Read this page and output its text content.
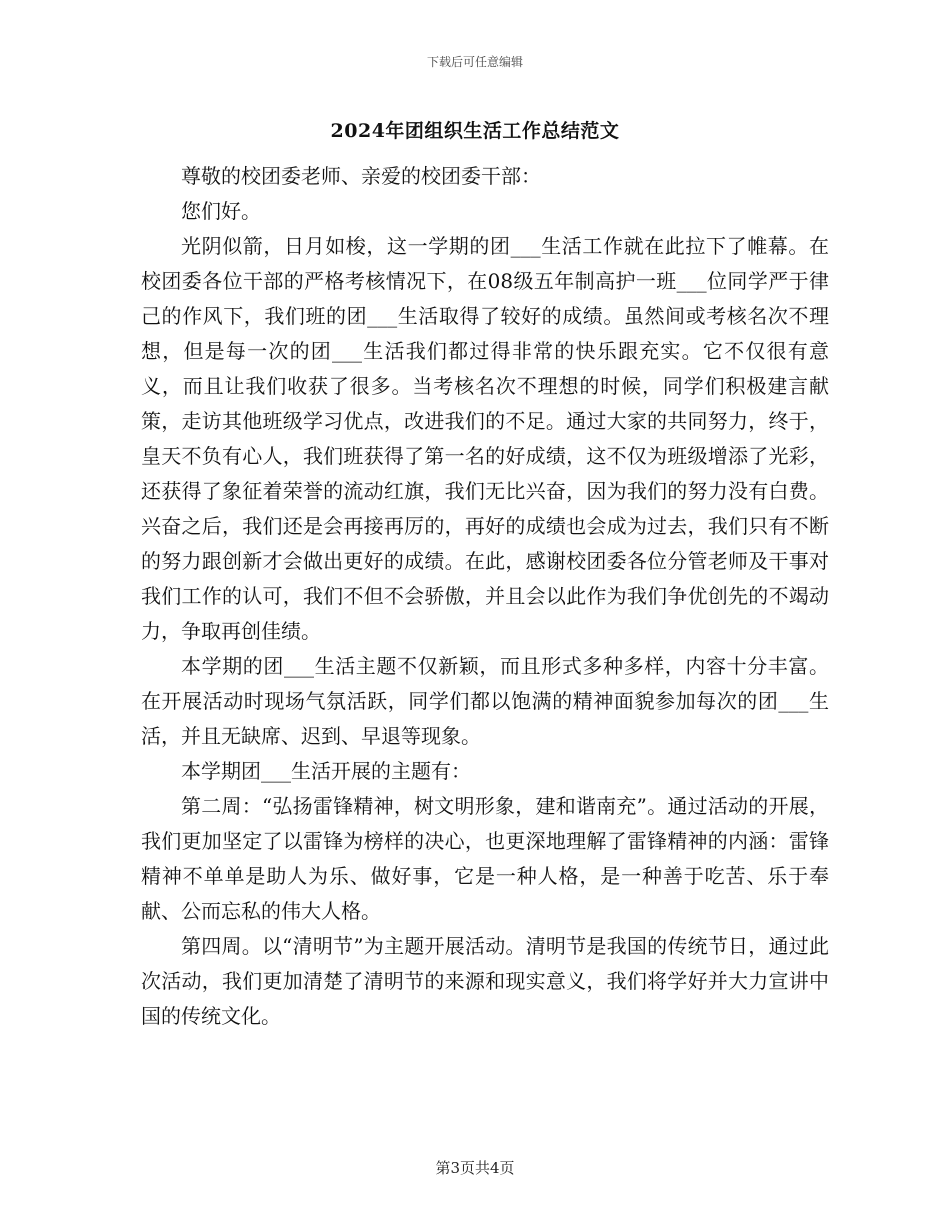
下载后可任意编辑
2024年团组织生活工作总结范文

尊敬的校团委老师、亲爱的校团委干部：

您们好。

光阴似箭，日月如梭，这一学期的团___生活工作就在此拉下了帷幕。在校团委各位干部的严格考核情况下，在08级五年制高护一班___位同学严于律己的作风下，我们班的团___生活取得了较好的成绩。虽然间或考核名次不理想，但是每一次的团___生活我们都过得非常的快乐跟充实。它不仅很有意义，而且让我们收获了很多。当考核名次不理想的时候，同学们积极建言献策，走访其他班级学习优点，改进我们的不足。通过大家的共同努力，终于，皇天不负有心人，我们班获得了第一名的好成绩，这不仅为班级增添了光彩，还获得了象征着荣誉的流动红旗，我们无比兴奋，因为我们的努力没有白费。兴奋之后，我们还是会再接再厉的，再好的成绩也会成为过去，我们只有不断的努力跟创新才会做出更好的成绩。在此，感谢校团委各位分管老师及干事对我们工作的认可，我们不但不会骄傲，并且会以此作为我们争优创先的不竭动力，争取再创佳绩。

本学期的团___生活主题不仅新颖，而且形式多种多样，内容十分丰富。在开展活动时现场气氛活跃，同学们都以饱满的精神面貌参加每次的团___生活，并且无缺席、迟到、早退等现象。

本学期团___生活开展的主题有：

第二周：“弘扬雷锋精神，树文明形象，建和谐南充”。通过活动的开展，我们更加坚定了以雷锋为榜样的决心，也更深地理解了雷锋精神的内涵：雷锋精神不单单是助人为乐、做好事，它是一种人格，是一种善于吃苦、乐于奉献、公而忘私的伟大人格。

第四周。以“清明节”为主题开展活动。清明节是我国的传统节日，通过此次活动，我们更加清楚了清明节的来源和现实意义，我们将学好并大力宣讲中国的传统文化。

第3页共4页
